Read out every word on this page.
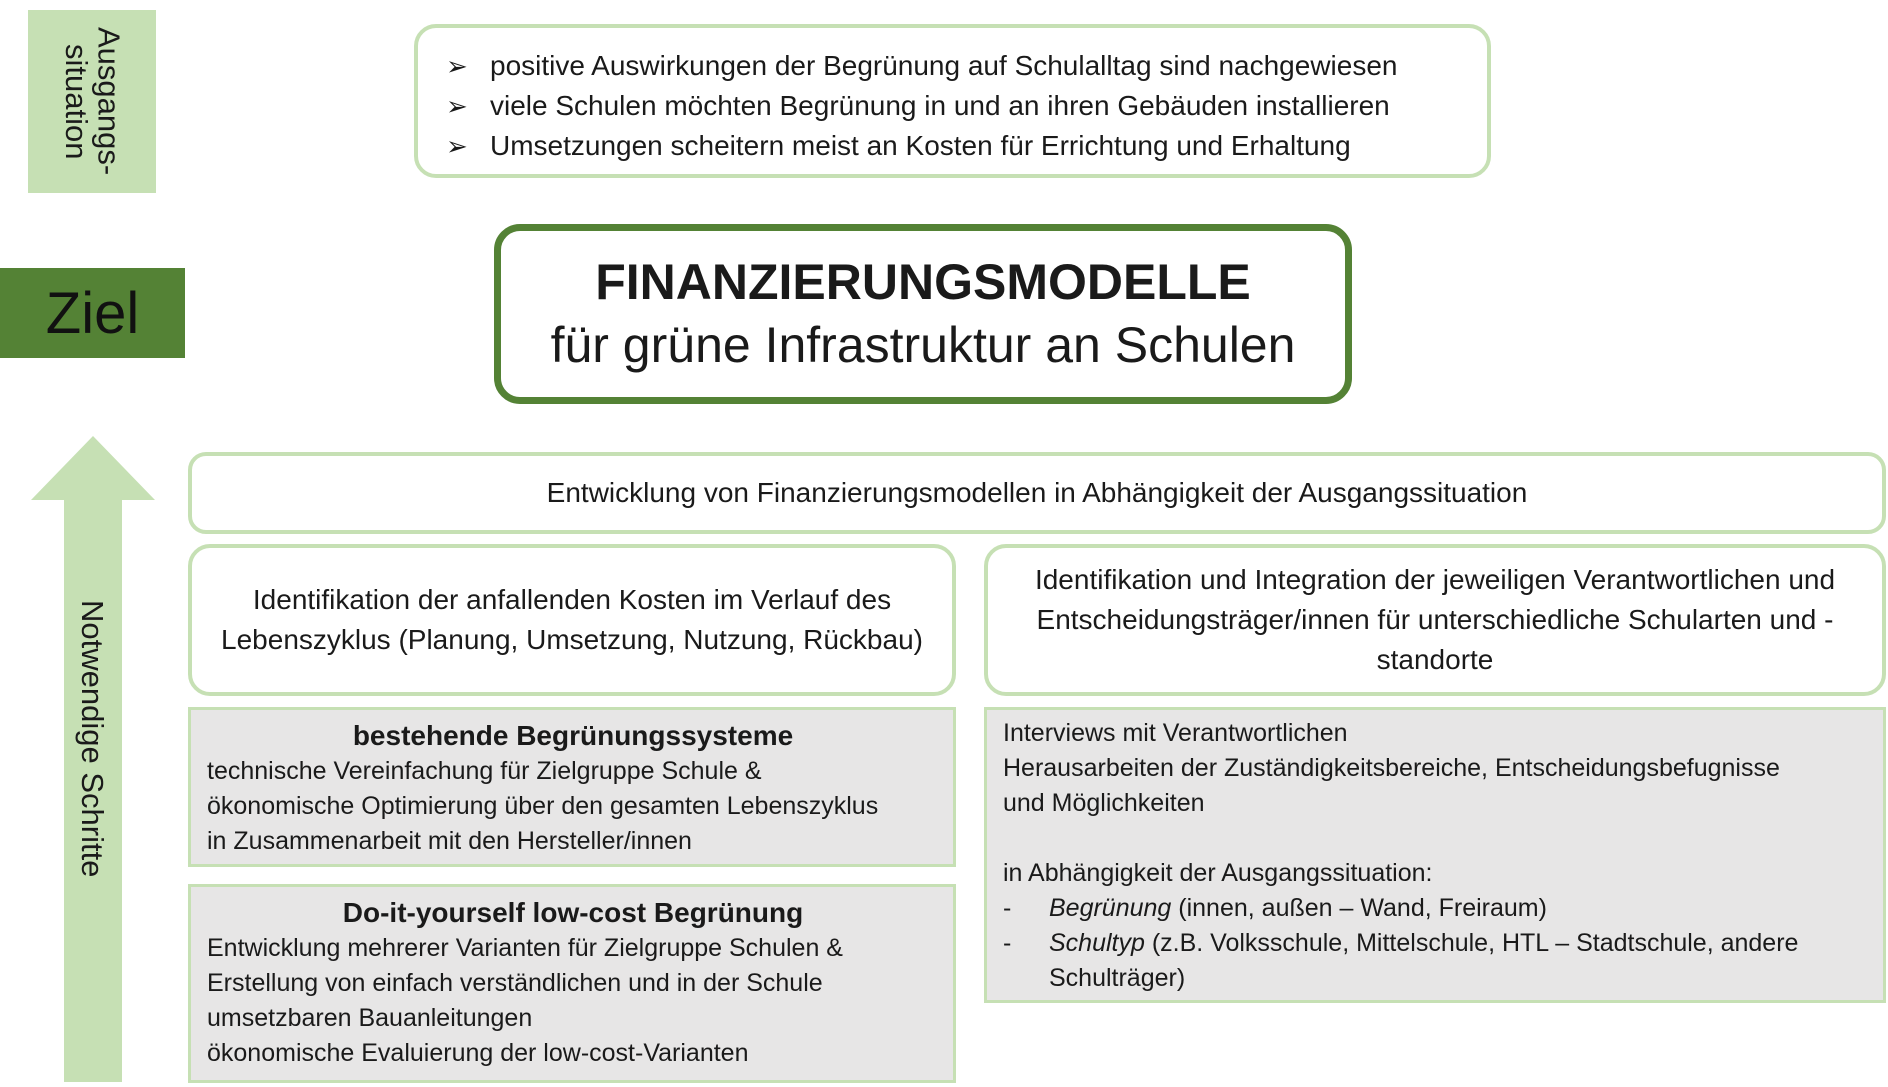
Ausgangs-
situation
Ziel
Notwendige Schritte
➢ positive Auswirkungen der Begrünung auf Schulalltag sind nachgewiesen
➢ viele Schulen möchten Begrünung in und an ihren Gebäuden installieren
➢ Umsetzungen scheitern meist an Kosten für Errichtung und Erhaltung
FINANZIERUNGSMODELLE
für grüne Infrastruktur an Schulen
Entwicklung von Finanzierungsmodellen in Abhängigkeit der Ausgangssituation
Identifikation der anfallenden Kosten im Verlauf des Lebenszyklus (Planung, Umsetzung, Nutzung, Rückbau)
Identifikation und Integration der jeweiligen Verantwortlichen und Entscheidungsträger/innen für unterschiedliche Schularten und -standorte
bestehende Begrünungssysteme
technische Vereinfachung für Zielgruppe Schule &
ökonomische Optimierung über den gesamten Lebenszyklus
in Zusammenarbeit mit den Hersteller/innen
Do-it-yourself low-cost Begrünung
Entwicklung mehrerer Varianten für Zielgruppe Schulen &
Erstellung von einfach verständlichen und in der Schule
umsetzbaren Bauanleitungen
ökonomische Evaluierung der low-cost-Varianten
Interviews mit Verantwortlichen
Herausarbeiten der Zuständigkeitsbereiche, Entscheidungsbefugnisse
und Möglichkeiten
in Abhängigkeit der Ausgangssituation:
-	Begrünung (innen, außen – Wand, Freiraum)
-	Schultyp (z.B. Volksschule, Mittelschule, HTL – Stadtschule, andere Schulträger)
